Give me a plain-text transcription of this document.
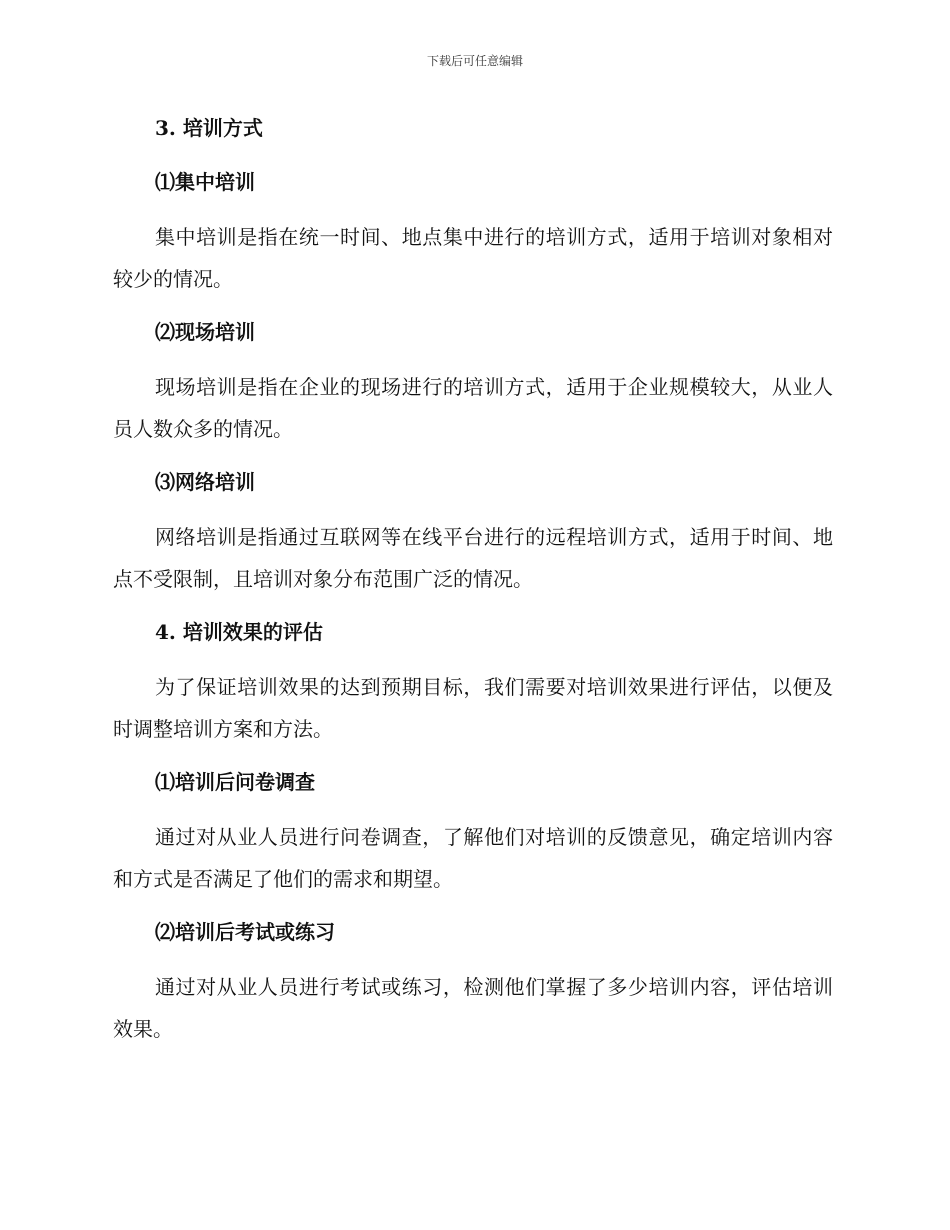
下载后可任意编辑
3. 培训方式
⑴集中培训

集中培训是指在统一时间、地点集中进行的培训方式，适用于培训对象相对较少的情况。

⑵现场培训

现场培训是指在企业的现场进行的培训方式，适用于企业规模较大，从业人员人数众多的情况。

⑶网络培训

网络培训是指通过互联网等在线平台进行的远程培训方式，适用于时间、地点不受限制，且培训对象分布范围广泛的情况。

4. 培训效果的评估

为了保证培训效果的达到预期目标，我们需要对培训效果进行评估，以便及时调整培训方案和方法。

⑴培训后问卷调查

通过对从业人员进行问卷调查，了解他们对培训的反馈意见，确定培训内容和方式是否满足了他们的需求和期望。

⑵培训后考试或练习

通过对从业人员进行考试或练习，检测他们掌握了多少培训内容，评估培训效果。
